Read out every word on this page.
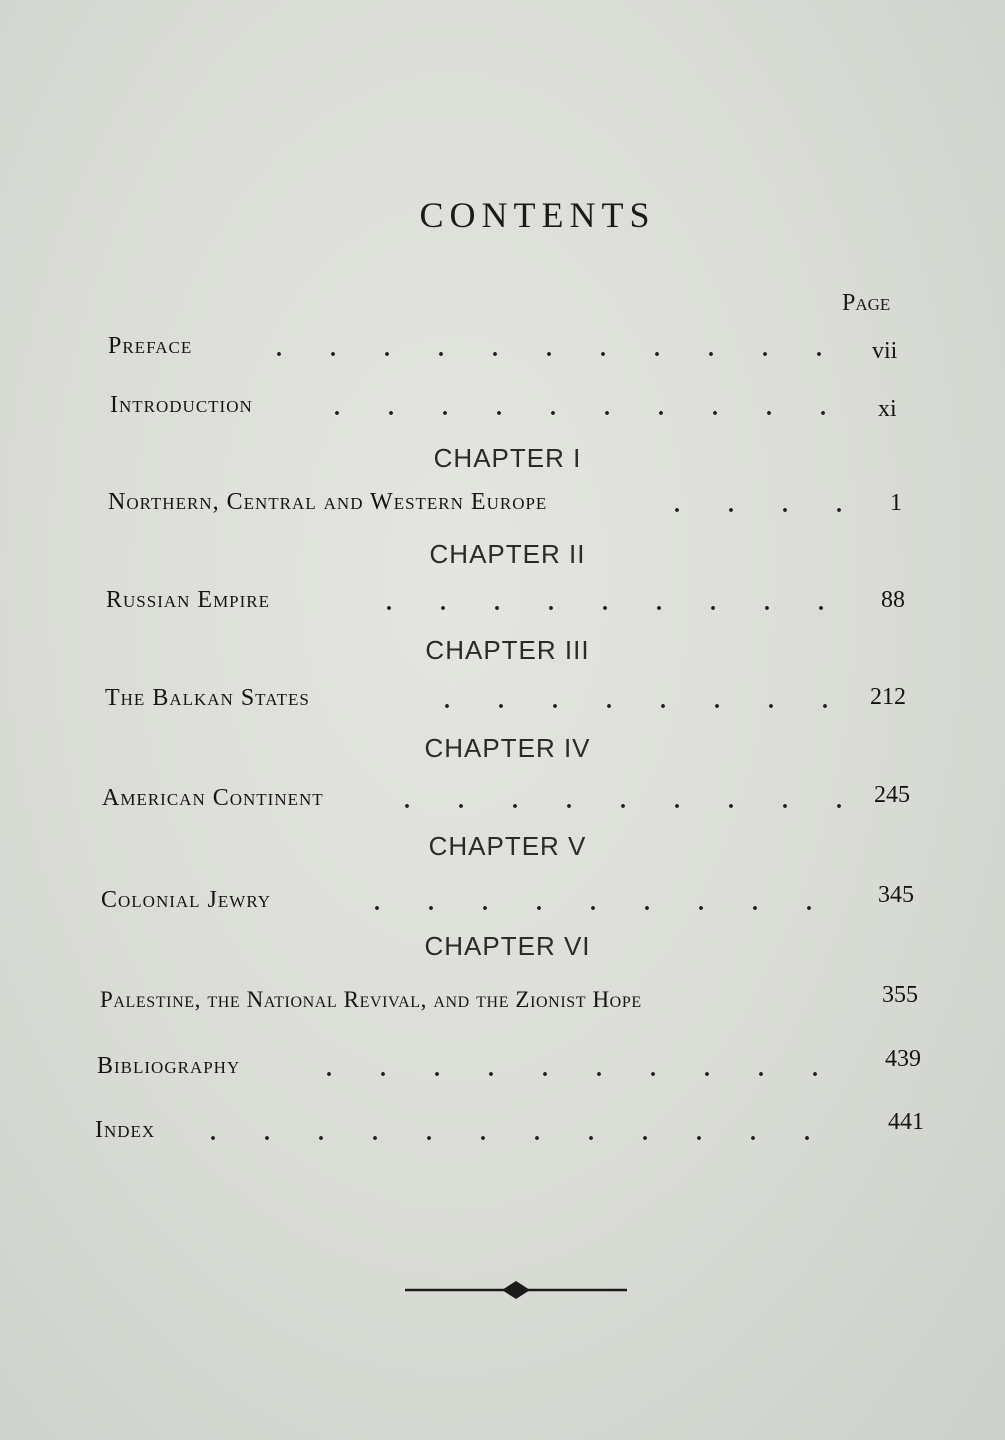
CONTENTS
Page
Preface	. . . . . . . . . . .	vii
Introduction	. . . . . . . . . .	xi
CHAPTER I
Northern, Central and Western Europe	. . . .	1
CHAPTER II
Russian Empire	. . . . . . . . .	88
CHAPTER III
The Balkan States	. . . . . . . .	212
CHAPTER IV
American Continent	. . . . . . . . .	245
CHAPTER V
Colonial Jewry	. . . . . . . . .	345
CHAPTER VI
Palestine, the National Revival, and the Zionist Hope	355
Bibliography	. . . . . . . . . .	439
Index	. . . . . . . . . . . .	441
